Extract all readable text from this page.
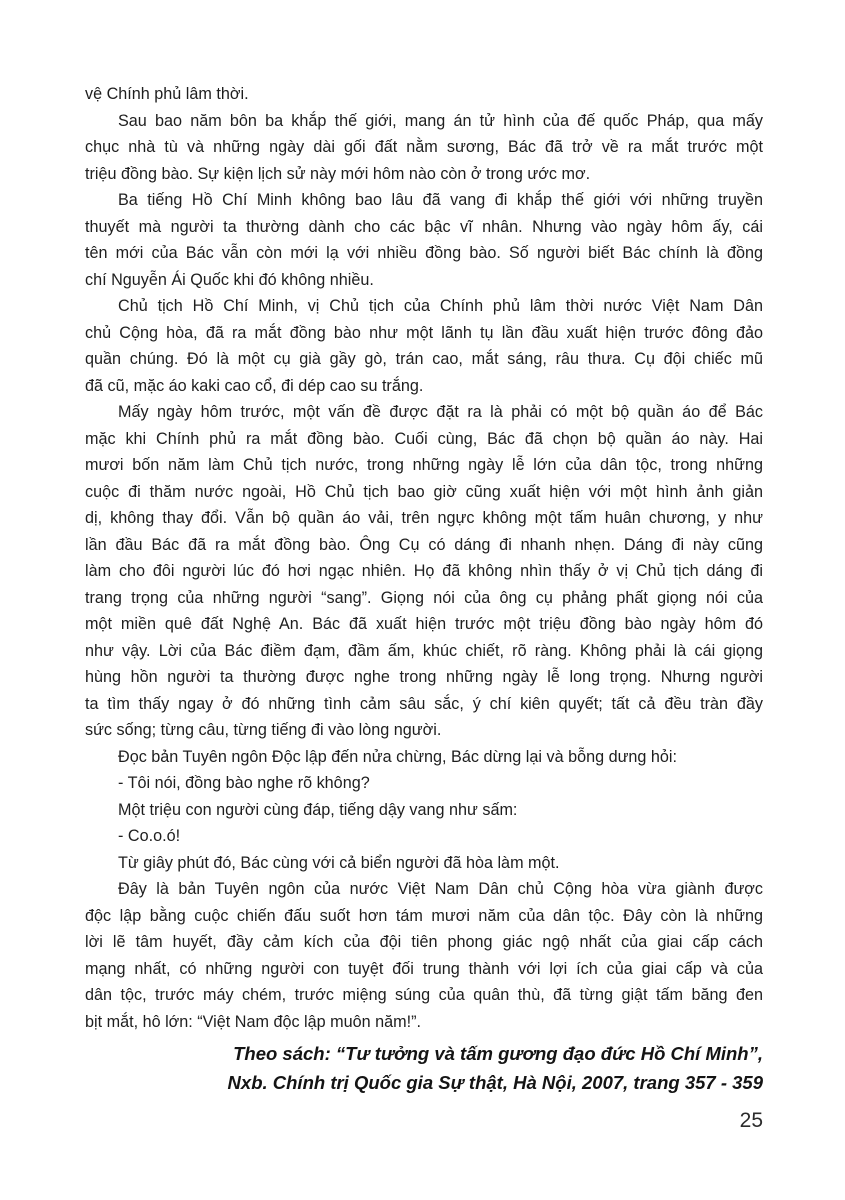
vệ Chính phủ lâm thời.
Sau bao năm bôn ba khắp thế giới, mang án tử hình của đế quốc Pháp, qua mấy
chục nhà tù và những ngày dài gối đất nằm sương, Bác đã trở về ra mắt trước một
triệu đồng bào. Sự kiện lịch sử này mới hôm nào còn ở trong ước mơ.
Ba tiếng Hồ Chí Minh không bao lâu đã vang đi khắp thế giới với những truyền
thuyết mà người ta thường dành cho các bậc vĩ nhân. Nhưng vào ngày hôm ấy, cái
tên mới của Bác vẫn còn mới lạ với nhiều đồng bào. Số người biết Bác chính là đồng
chí Nguyễn Ái Quốc khi đó không nhiều.
Chủ tịch Hồ Chí Minh, vị Chủ tịch của Chính phủ lâm thời nước Việt Nam Dân
chủ Cộng hòa, đã ra mắt đồng bào như một lãnh tụ lần đầu xuất hiện trước đông đảo
quần chúng. Đó là một cụ già gầy gò, trán cao, mắt sáng, râu thưa. Cụ đội chiếc mũ
đã cũ, mặc áo kaki cao cổ, đi dép cao su trắng.
Mấy ngày hôm trước, một vấn đề được đặt ra là phải có một bộ quần áo để Bác
mặc khi Chính phủ ra mắt đồng bào. Cuối cùng, Bác đã chọn bộ quần áo này. Hai
mươi bốn năm làm Chủ tịch nước, trong những ngày lễ lớn của dân tộc, trong những
cuộc đi thăm nước ngoài, Hồ Chủ tịch bao giờ cũng xuất hiện với một hình ảnh giản
dị, không thay đổi. Vẫn bộ quần áo vải, trên ngực không một tấm huân chương, y như
lần đầu Bác đã ra mắt đồng bào. Ông Cụ có dáng đi nhanh nhẹn. Dáng đi này cũng
làm cho đôi người lúc đó hơi ngạc nhiên. Họ đã không nhìn thấy ở vị Chủ tịch dáng đi
trang trọng của những người “sang”. Giọng nói của ông cụ phảng phất giọng nói của
một miền quê đất Nghệ An. Bác đã xuất hiện trước một triệu đồng bào ngày hôm đó
như vậy. Lời của Bác điềm đạm, đầm ấm, khúc chiết, rõ ràng. Không phải là cái giọng
hùng hồn người ta thường được nghe trong những ngày lễ long trọng. Nhưng người
ta tìm thấy ngay ở đó những tình cảm sâu sắc, ý chí kiên quyết; tất cả đều tràn đầy
sức sống; từng câu, từng tiếng đi vào lòng người.
Đọc bản Tuyên ngôn Độc lập đến nửa chừng, Bác dừng lại và bỗng dưng hỏi:
- Tôi nói, đồng bào nghe rõ không?
Một triệu con người cùng đáp, tiếng dậy vang như sấm:
- Co.o.ó!
Từ giây phút đó, Bác cùng với cả biển người đã hòa làm một.
Đây là bản Tuyên ngôn của nước Việt Nam Dân chủ Cộng hòa vừa giành được
độc lập bằng cuộc chiến đấu suốt hơn tám mươi năm của dân tộc. Đây còn là những
lời lẽ tâm huyết, đầy cảm kích của đội tiên phong giác ngộ nhất của giai cấp cách
mạng nhất, có những người con tuyệt đối trung thành với lợi ích của giai cấp và của
dân tộc, trước máy chém, trước miệng súng của quân thù, đã từng giật tấm băng đen
bịt mắt, hô lớn: “Việt Nam độc lập muôn năm!”.
Theo sách: “Tư tưởng và tấm gương đạo đức Hồ Chí Minh”,
Nxb. Chính trị Quốc gia Sự thật, Hà Nội, 2007, trang 357 - 359
25
